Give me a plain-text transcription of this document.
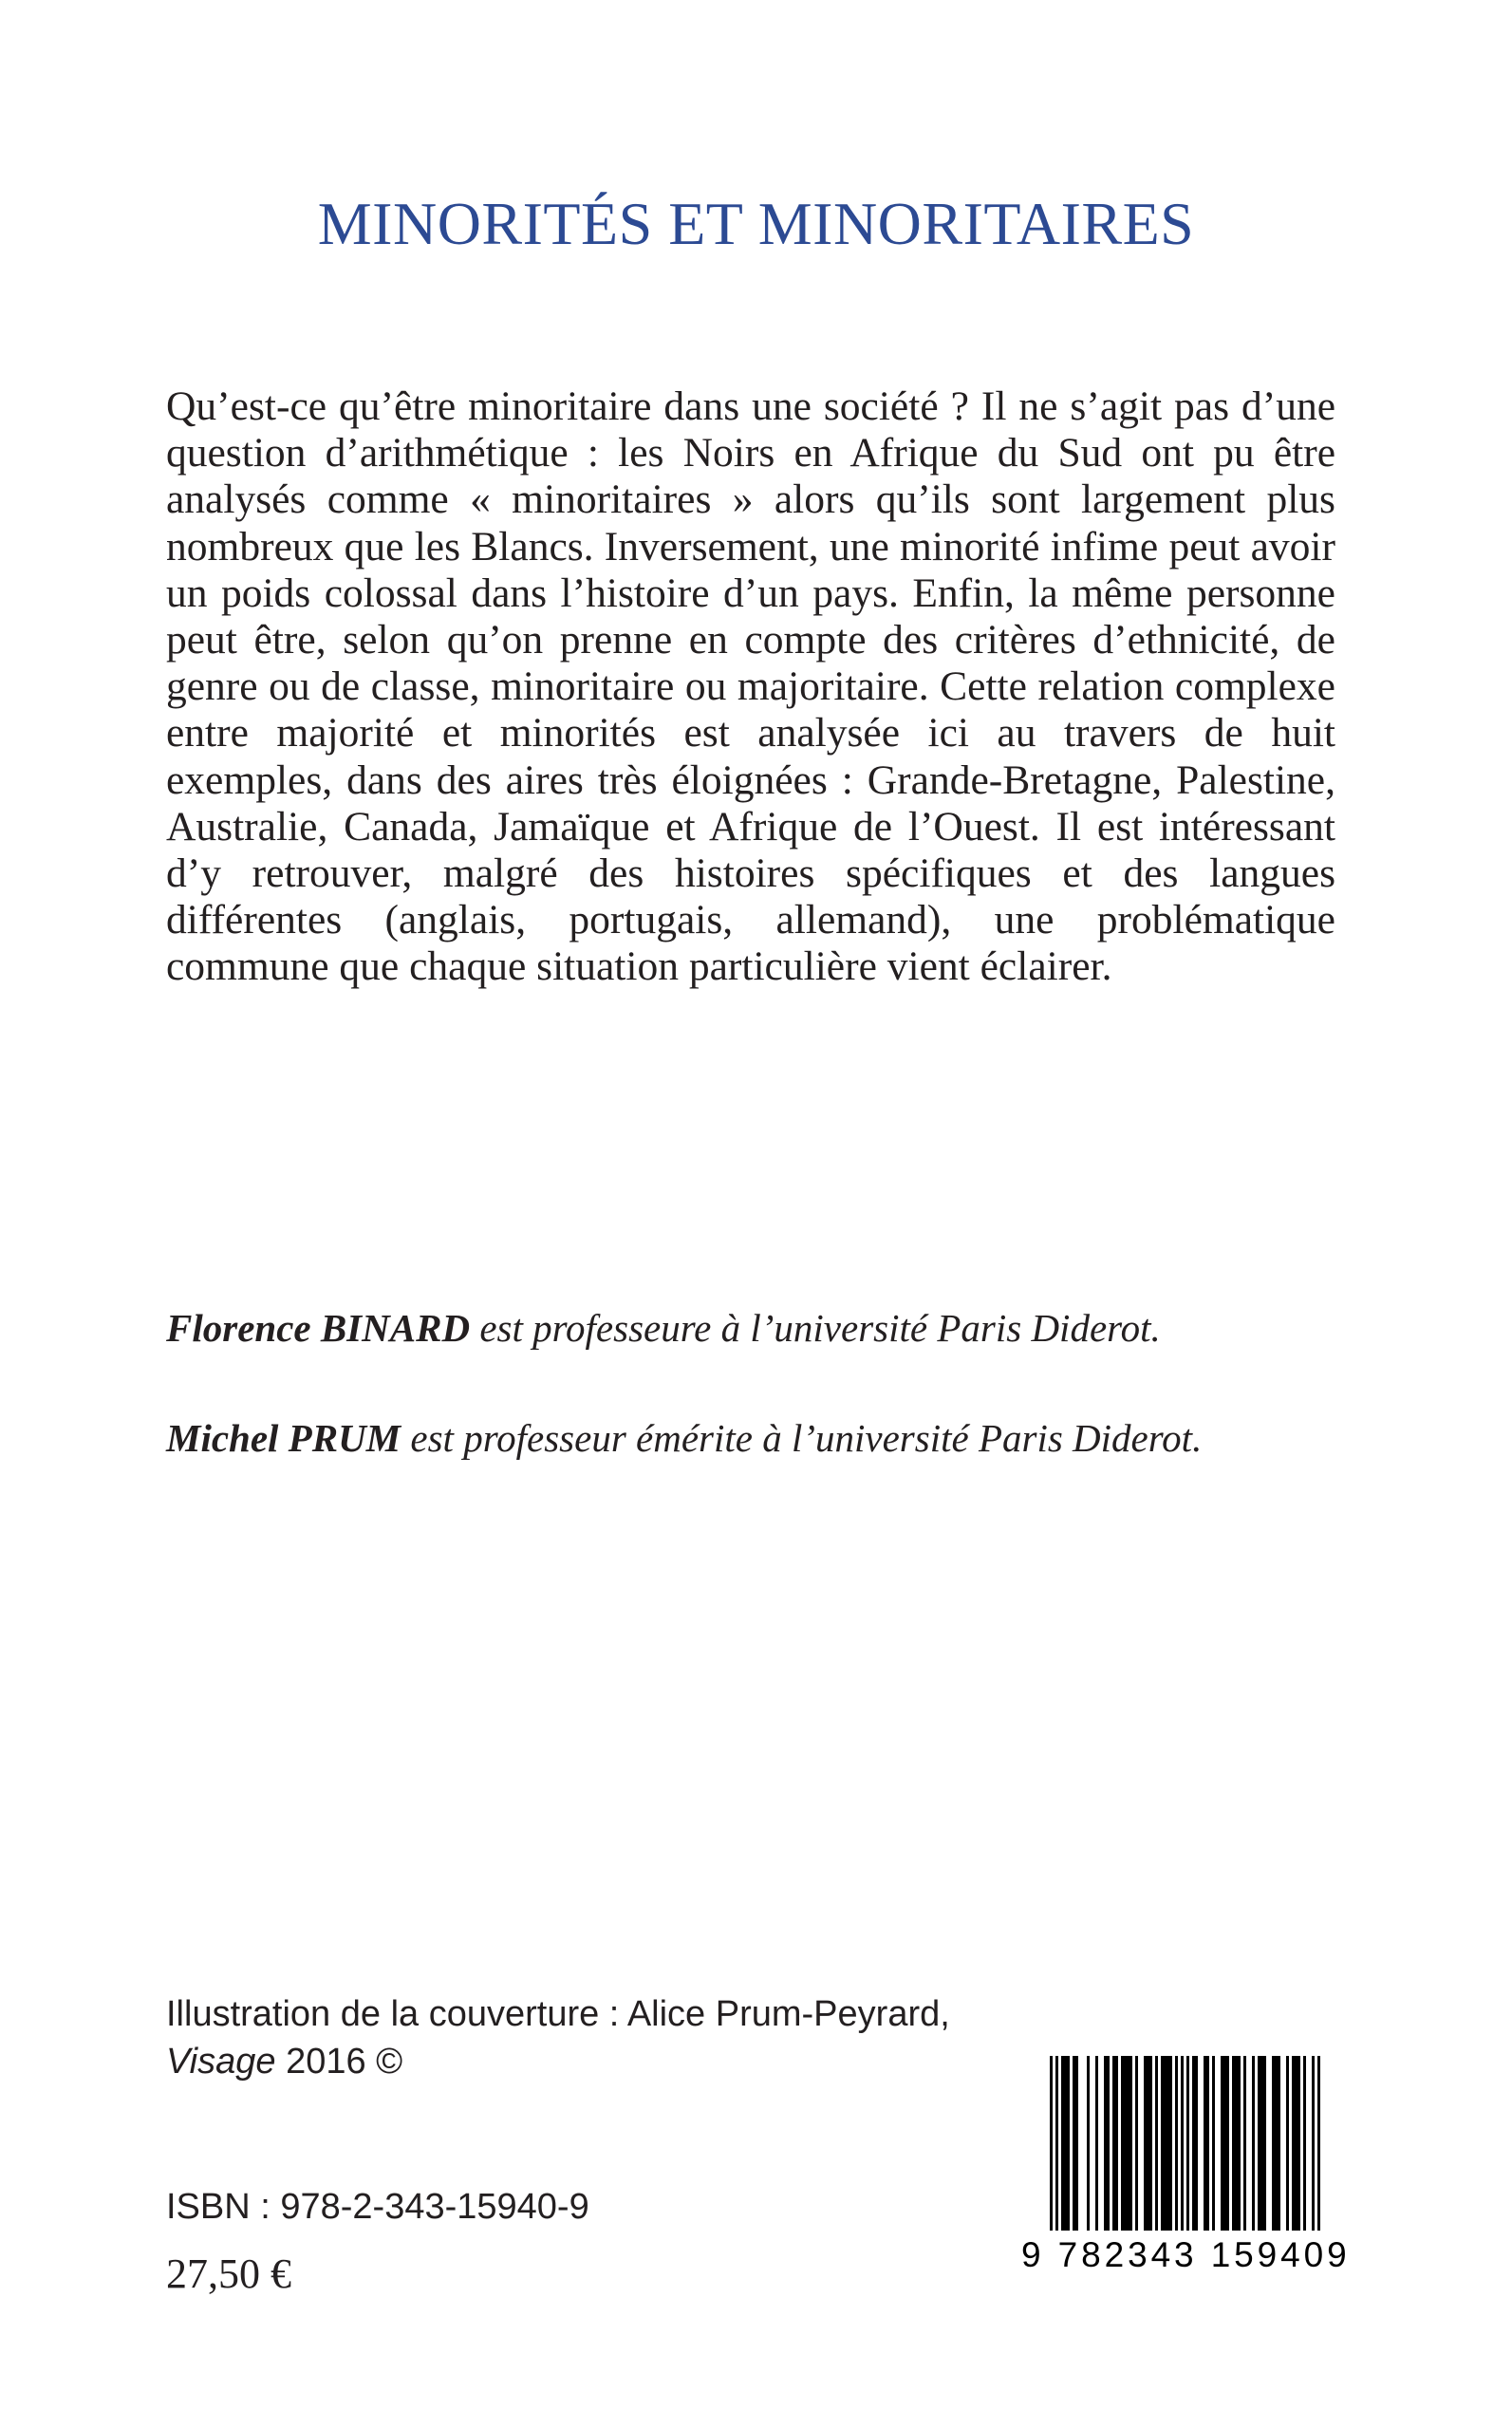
MINORITÉS ET MINORITAIRES

Qu’est-ce qu’être minoritaire dans une société ? Il ne s’agit pas d’une question d’arithmétique : les Noirs en Afrique du Sud ont pu être analysés comme « minoritaires » alors qu’ils sont largement plus nombreux que les Blancs. Inversement, une minorité infime peut avoir un poids colossal dans l’histoire d’un pays. Enfin, la même personne peut être, selon qu’on prenne en compte des critères d’ethnicité, de genre ou de classe, minoritaire ou majoritaire. Cette relation complexe entre majorité et minorités est analysée ici au travers de huit exemples, dans des aires très éloignées : Grande-Bretagne, Palestine, Australie, Canada, Jamaïque et Afrique de l’Ouest. Il est intéressant d’y retrouver, malgré des histoires spécifiques et des langues différentes (anglais, portugais, allemand), une problématique commune que chaque situation particulière vient éclairer.

Florence BINARD est professeure à l’université Paris Diderot.

Michel PRUM est professeur émérite à l’université Paris Diderot.

Illustration de la couverture : Alice Prum-Peyrard,
Visage 2016 ©
ISBN : 978-2-343-15940-9
27,50 €	9 782343 159409
